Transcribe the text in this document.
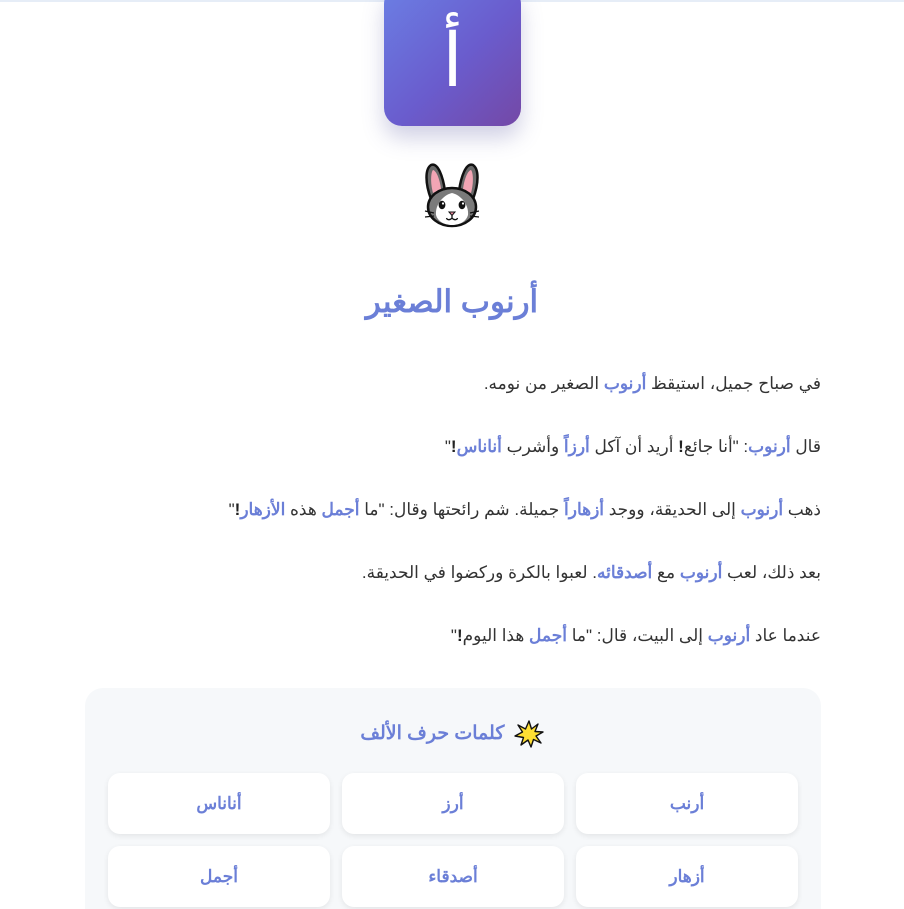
أ
أرنوب الصغير

في صباح جميل، استيقظ أرنوب الصغير من نومه.

قال أرنوب: "أنا جائع! أريد أن آكل أرزاً وأشرب أناناس!"

ذهب أرنوب إلى الحديقة، ووجد أزهاراً جميلة. شم رائحتها وقال: "ما أجمل هذه الأزهار!"

بعد ذلك، لعب أرنوب مع أصدقائه. لعبوا بالكرة وركضوا في الحديقة.

عندما عاد أرنوب إلى البيت، قال: "ما أجمل هذا اليوم!"

كلمات حرف الألف
أرنب
أرز
أناناس
أزهار
أصدقاء
أجمل
